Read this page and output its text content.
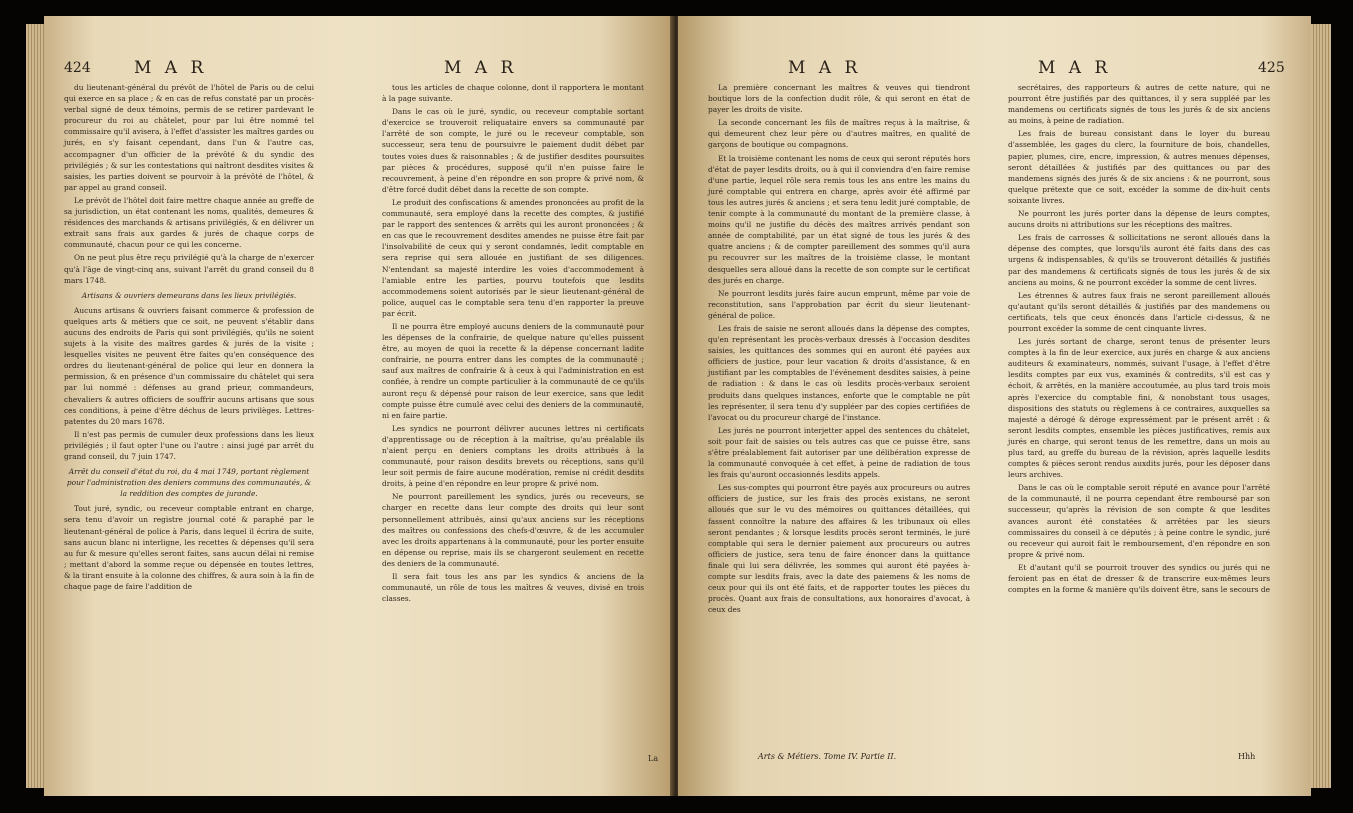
424	M A R	M A R

du lieutenant-général du prévôt de l'hôtel de Paris ou de celui qui exerce en sa place ; & en cas de refus constaté par un procès-verbal signé de deux témoins, permis de se retirer pardevant le procureur du roi au châtelet, pour par lui être nommé tel commissaire qu'il avisera, à l'effet d'assister les maîtres gardes ou jurés, en s'y faisant cependant, dans l'un & l'autre cas, accompagner d'un officier de la prévôté & du syndic des privilégiés ; & sur les contestations qui naîtront desdites visites & saisies, les parties doivent se pourvoir à la prévôté de l'hôtel, & par appel au grand conseil.

Le prévôt de l'hôtel doit faire mettre chaque année au greffe de sa jurisdiction, un état contenant les noms, qualités, demeures & résidences des marchands & artisans privilégiés, & en délivrer un extrait sans frais aux gardes & jurés de chaque corps de communauté, chacun pour ce qui les concerne.

On ne peut plus être reçu privilégié qu'à la charge de n'exercer qu'à l'âge de vingt-cinq ans, suivant l'arrêt du grand conseil du 8 mars 1748.

Artisans & ouvriers demeurans dans les lieux privilégiés.

Aucuns artisans & ouvriers faisant commerce & profession de quelques arts & métiers que ce soit, ne peuvent s'établir dans aucuns des endroits de Paris qui sont privilégiés, qu'ils ne soient sujets à la visite des maîtres gardes & jurés de la visite ; lesquelles visites ne peuvent être faites qu'en conséquence des ordres du lieutenant-général de police qui leur en donnera la permission, & en présence d'un commissaire du châtelet qui sera par lui nommé : défenses au grand prieur, commandeurs, chevaliers & autres officiers de souffrir aucuns artisans que sous ces conditions, à peine d'être déchus de leurs privilèges. Lettres-patentes du 20 mars 1678.

Il n'est pas permis de cumuler deux professions dans les lieux privilégiés ; il faut opter l'une ou l'autre : ainsi jugé par arrêt du grand conseil, du 7 juin 1747.

Arrêt du conseil d'état du roi, du 4 mai 1749, portant règlement pour l'administration des deniers communs des communautés, & la reddition des comptes de jurande.

Tout juré, syndic, ou receveur comptable entrant en charge, sera tenu d'avoir un registre journal coté & paraphé par le lieutenant-général de police à Paris, dans lequel il écrira de suite, sans aucun blanc ni interligne, les recettes & dépenses qu'il sera au fur & mesure qu'elles seront faites, sans aucun délai ni remise ; mettant d'abord la somme reçue ou dépensée en toutes lettres, & la tirant ensuite à la colonne des chiffres, & aura soin à la fin de chaque page de faire l'addition de

tous les articles de chaque colonne, dont il rapportera le montant à la page suivante.

Dans le cas où le juré, syndic, ou receveur comptable sortant d'exercice se trouveroit reliquataire envers sa communauté par l'arrêté de son compte, le juré ou le receveur comptable, son successeur, sera tenu de poursuivre le paiement dudit débet par toutes voies dues & raisonnables ; & de justifier desdites poursuites par pièces & procédures, supposé qu'il n'en puisse faire le recouvrement, à peine d'en répondre en son propre & privé nom, & d'être forcé dudit débet dans la recette de son compte.

Le produit des confiscations & amendes prononcées au profit de la communauté, sera employé dans la recette des comptes, & justifié par le rapport des sentences & arrêts qui les auront prononcées ; & en cas que le recouvrement desdites amendes ne puisse être fait par l'insolvabilité de ceux qui y seront condamnés, ledit comptable en sera reprise qui sera allouée en justifiant de ses diligences. N'entendant sa majesté interdire les voies d'accommodement à l'amiable entre les parties, pourvu toutefois que lesdits accommodemens soient autorisés par le sieur lieutenant-général de police, auquel cas le comptable sera tenu d'en rapporter la preuve par écrit.

Il ne pourra être employé aucuns deniers de la communauté pour les dépenses de la confrairie, de quelque nature qu'elles puissent être, au moyen de quoi la recette & la dépense concernant ladite confrairie, ne pourra entrer dans les comptes de la communauté ; sauf aux maîtres de confrairie & à ceux à qui l'administration en est confiée, à rendre un compte particulier à la communauté de ce qu'ils auront reçu & dépensé pour raison de leur exercice, sans que ledit compte puisse être cumulé avec celui des deniers de la communauté, ni en faire partie.

Les syndics ne pourront délivrer aucunes lettres ni certificats d'apprentissage ou de réception à la maîtrise, qu'au préalable ils n'aient perçu en deniers comptans les droits attribués à la communauté, pour raison desdits brevets ou réceptions, sans qu'il leur soit permis de faire aucune modération, remise ni crédit desdits droits, à peine d'en répondre en leur propre & privé nom.

Ne pourront pareillement les syndics, jurés ou receveurs, se charger en recette dans leur compte des droits qui leur sont personnellement attribués, ainsi qu'aux anciens sur les réceptions des maîtres ou confessions des chefs-d'œuvre, & de les accumuler avec les droits appartenans à la communauté, pour les porter ensuite en dépense ou reprise, mais ils se chargeront seulement en recette des deniers de la communauté.

Il sera fait tous les ans par les syndics & anciens de la communauté, un rôle de tous les maîtres & veuves, divisé en trois classes.

La
M A R	M A R	425

La première concernant les maîtres & veuves qui tiendront boutique lors de la confection dudit rôle, & qui seront en état de payer les droits de visite.

La seconde concernant les fils de maîtres reçus à la maîtrise, & qui demeurent chez leur père ou d'autres maîtres, en qualité de garçons de boutique ou compagnons.

Et la troisième contenant les noms de ceux qui seront réputés hors d'état de payer lesdits droits, ou à qui il conviendra d'en faire remise d'une partie, lequel rôle sera remis tous les ans entre les mains du juré comptable qui entrera en charge, après avoir été affirmé par tous les autres jurés & anciens ; et sera tenu ledit juré comptable, de tenir compte à la communauté du montant de la première classe, à moins qu'il ne justifie du décès des maîtres arrivés pendant son année de comptabilité, par un état signé de tous les jurés & des quatre anciens ; & de compter pareillement des sommes qu'il aura pu recouvrer sur les maîtres de la troisième classe, le montant desquelles sera alloué dans la recette de son compte sur le certificat des jurés en charge.

Ne pourront lesdits jurés faire aucun emprunt, même par voie de reconstitution, sans l'approbation par écrit du sieur lieutenant-général de police.

Les frais de saisie ne seront alloués dans la dépense des comptes, qu'en représentant les procès-verbaux dressés à l'occasion desdites saisies, les quittances des sommes qui en auront été payées aux officiers de justice, pour leur vacation & droits d'assistance, & en justifiant par les comptables de l'événement desdites saisies, à peine de radiation : & dans le cas où lesdits procès-verbaux seroient produits dans quelques instances, enforte que le comptable ne pût les représenter, il sera tenu d'y suppléer par des copies certifiées de l'avocat ou du procureur chargé de l'instance.

Les jurés ne pourront interjetter appel des sentences du châtelet, soit pour fait de saisies ou tels autres cas que ce puisse être, sans s'être préalablement fait autoriser par une délibération expresse de la communauté convoquée à cet effet, à peine de radiation de tous les frais qu'auront occasionnés lesdits appels.

Les sus-comptes qui pourront être payés aux procureurs ou autres officiers de justice, sur les frais des procès existans, ne seront alloués que sur le vu des mémoires ou quittances détaillées, qui fassent connoître la nature des affaires & les tribunaux où elles seront pendantes ; & lorsque lesdits procès seront terminés, le juré comptable qui sera le dernier paiement aux procureurs ou autres officiers de justice, sera tenu de faire énoncer dans la quittance finale qui lui sera délivrée, les sommes qui auront été payées à-compte sur lesdits frais, avec la date des paiemens & les noms de ceux pour qui ils ont été faits, et de rapporter toutes les pièces du procès. Quant aux frais de consultations, aux honoraires d'avocat, à ceux des

Arts & Métiers. Tome IV. Partie II.

secrétaires, des rapporteurs & autres de cette nature, qui ne pourront être justifiés par des quittances, il y sera suppléé par les mandemens ou certificats signés de tous les jurés & de six anciens au moins, à peine de radiation.

Les frais de bureau consistant dans le loyer du bureau d'assemblée, les gages du clerc, la fourniture de bois, chandelles, papier, plumes, cire, encre, impression, & autres menues dépenses, seront détaillées & justifiés par des quittances ou par des mandemens signés des jurés & de six anciens : & ne pourront, sous quelque prétexte que ce soit, excéder la somme de dix-huit cents soixante livres.

Ne pourront les jurés porter dans la dépense de leurs comptes, aucuns droits ni attributions sur les réceptions des maîtres.

Les frais de carrosses & sollicitations ne seront alloués dans la dépense des comptes, que lorsqu'ils auront été faits dans des cas urgens & indispensables, & qu'ils se trouveront détaillés & justifiés par des mandemens & certificats signés de tous les jurés & de six anciens au moins, & ne pourront excéder la somme de cent livres.

Les étrennes & autres faux frais ne seront pareillement alloués qu'autant qu'ils seront détaillés & justifiés par des mandemens ou certificats, tels que ceux énoncés dans l'article ci-dessus, & ne pourront excéder la somme de cent cinquante livres.

Les jurés sortant de charge, seront tenus de présenter leurs comptes à la fin de leur exercice, aux jurés en charge & aux anciens auditeurs & examinateurs, nommés, suivant l'usage, à l'effet d'être lesdits comptes par eux vus, examinés & contredits, s'il est cas y échoit, & arrêtés, en la manière accoutumée, au plus tard trois mois après l'exercice du comptable fini, & nonobstant tous usages, dispositions des statuts ou règlemens à ce contraires, auxquelles sa majesté a dérogé & déroge expressément par le présent arrêt : & seront lesdits comptes, ensemble les pièces justificatives, remis aux jurés en charge, qui seront tenus de les remettre, dans un mois au plus tard, au greffe du bureau de la révision, après laquelle lesdits comptes & pièces seront rendus auxdits jurés, pour les déposer dans leurs archives.

Dans le cas où le comptable seroit réputé en avance pour l'arrêté de la communauté, il ne pourra cependant être remboursé par son successeur, qu'après la révision de son compte & que lesdites avances auront été constatées & arrêtées par les sieurs commissaires du conseil à ce députés ; à peine contre le syndic, juré ou receveur qui auroit fait le remboursement, d'en répondre en son propre & privé nom.

Et d'autant qu'il se pourroit trouver des syndics ou jurés qui ne feroient pas en état de dresser & de transcrire eux-mêmes leurs comptes en la forme & manière qu'ils doivent être, sans le secours de

Hhh
